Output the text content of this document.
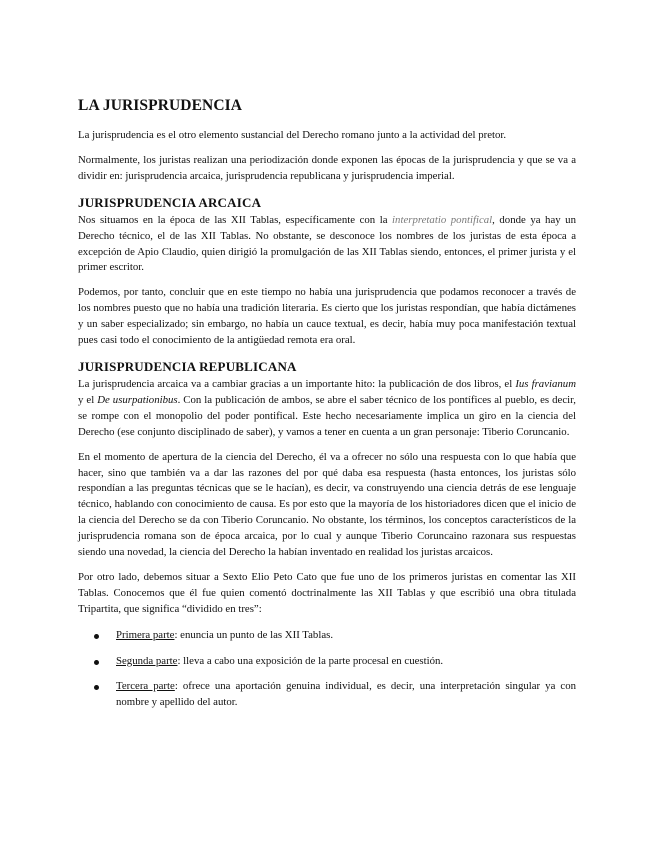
LA JURISPRUDENCIA

La jurisprudencia es el otro elemento sustancial del Derecho romano junto a la actividad del pretor.

Normalmente, los juristas realizan una periodización donde exponen las épocas de la jurisprudencia y que se va a dividir en: jurisprudencia arcaica, jurisprudencia republicana y jurisprudencia imperial.

JURISPRUDENCIA ARCAICA

Nos situamos en la época de las XII Tablas, específicamente con la interpretatio pontifical, donde ya hay un Derecho técnico, el de las XII Tablas. No obstante, se desconoce los nombres de los juristas de esta época a excepción de Apio Claudio, quien dirigió la promulgación de las XII Tablas siendo, entonces, el primer jurista y el primer escritor.

Podemos, por tanto, concluir que en este tiempo no había una jurisprudencia que podamos reconocer a través de los nombres puesto que no había una tradición literaria. Es cierto que los juristas respondían, que había dictámenes y un saber especializado; sin embargo, no había un cauce textual, es decir, había muy poca manifestación textual pues casi todo el conocimiento de la antigüedad remota era oral.

JURISPRUDENCIA REPUBLICANA

La jurisprudencia arcaica va a cambiar gracias a un importante hito: la publicación de dos libros, el Ius fravianum y el De usurpationibus. Con la publicación de ambos, se abre el saber técnico de los pontífices al pueblo, es decir, se rompe con el monopolio del poder pontifical. Este hecho necesariamente implica un giro en la ciencia del Derecho (ese conjunto disciplinado de saber), y vamos a tener en cuenta a un gran personaje: Tiberio Coruncanio.

En el momento de apertura de la ciencia del Derecho, él va a ofrecer no sólo una respuesta con lo que había que hacer, sino que también va a dar las razones del por qué daba esa respuesta (hasta entonces, los juristas sólo respondían a las preguntas técnicas que se le hacían), es decir, va construyendo una ciencia detrás de ese lenguaje técnico, hablando con conocimiento de causa. Es por esto que la mayoría de los historiadores dicen que el inicio de la ciencia del Derecho se da con Tiberio Coruncanio. No obstante, los términos, los conceptos característicos de la jurisprudencia romana son de época arcaica, por lo cual y aunque Tiberio Coruncaino razonara sus respuestas siendo una novedad, la ciencia del Derecho la habían inventado en realidad los juristas arcaicos.

Por otro lado, debemos situar a Sexto Elio Peto Cato que fue uno de los primeros juristas en comentar las XII Tablas. Conocemos que él fue quien comentó doctrinalmente las XII Tablas y que escribió una obra titulada Tripartita, que significa “dividido en tres”:

Primera parte: enuncia un punto de las XII Tablas.
Segunda parte: lleva a cabo una exposición de la parte procesal en cuestión.
Tercera parte: ofrece una aportación genuina individual, es decir, una interpretación singular ya con nombre y apellido del autor.
